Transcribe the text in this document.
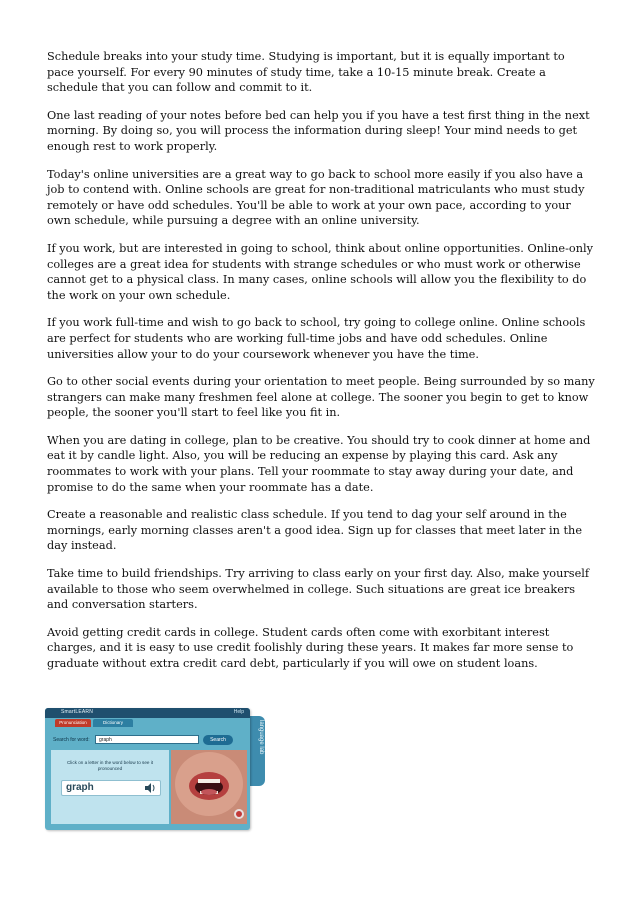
Schedule breaks into your study time. Studying is important, but it is equally important to pace yourself. For every 90 minutes of study time, take a 10-15 minute break. Create a schedule that you can follow and commit to it.

One last reading of your notes before bed can help you if you have a test first thing in the next morning. By doing so, you will process the information during sleep! Your mind needs to get enough rest to work properly.

Today's online universities are a great way to go back to school more easily if you also have a job to contend with. Online schools are great for non-traditional matriculants who must study remotely or have odd schedules. You'll be able to work at your own pace, according to your own schedule, while pursuing a degree with an online university.

If you work, but are interested in going to school, think about online opportunities. Online-only colleges are a great idea for students with strange schedules or who must work or otherwise cannot get to a physical class. In many cases, online schools will allow you the flexibility to do the work on your own schedule.

If you work full-time and wish to go back to school, try going to college online. Online schools are perfect for students who are working full-time jobs and have odd schedules. Online universities allow your to do your coursework whenever you have the time.

Go to other social events during your orientation to meet people. Being surrounded by so many strangers can make many freshmen feel alone at college. The sooner you begin to get to know people, the sooner you'll start to feel like you fit in.

When you are dating in college, plan to be creative. You should try to cook dinner at home and eat it by candle light. Also, you will be reducing an expense by playing this card. Ask any roommates to work with your plans. Tell your roommate to stay away during your date, and promise to do the same when your roommate has a date.

Create a reasonable and realistic class schedule. If you tend to dag your self around in the mornings, early morning classes aren't a good idea. Sign up for classes that meet later in the day instead.

Take time to build friendships. Try arriving to class early on your first day. Also, make yourself available to those who seem overwhelmed in college. Such situations are great ice breakers and conversation starters.

Avoid getting credit cards in college. Student cards often come with exorbitant interest charges, and it is easy to use credit foolishly during these years. It makes far more sense to graduate without extra credit card debt, particularly if you will owe on student loans.

language lab
SmartLEARN	Help
Pronunciation	Dictionary
Search for word:	graph	Search
Click on a letter in the word below to see it pronounced
graph
